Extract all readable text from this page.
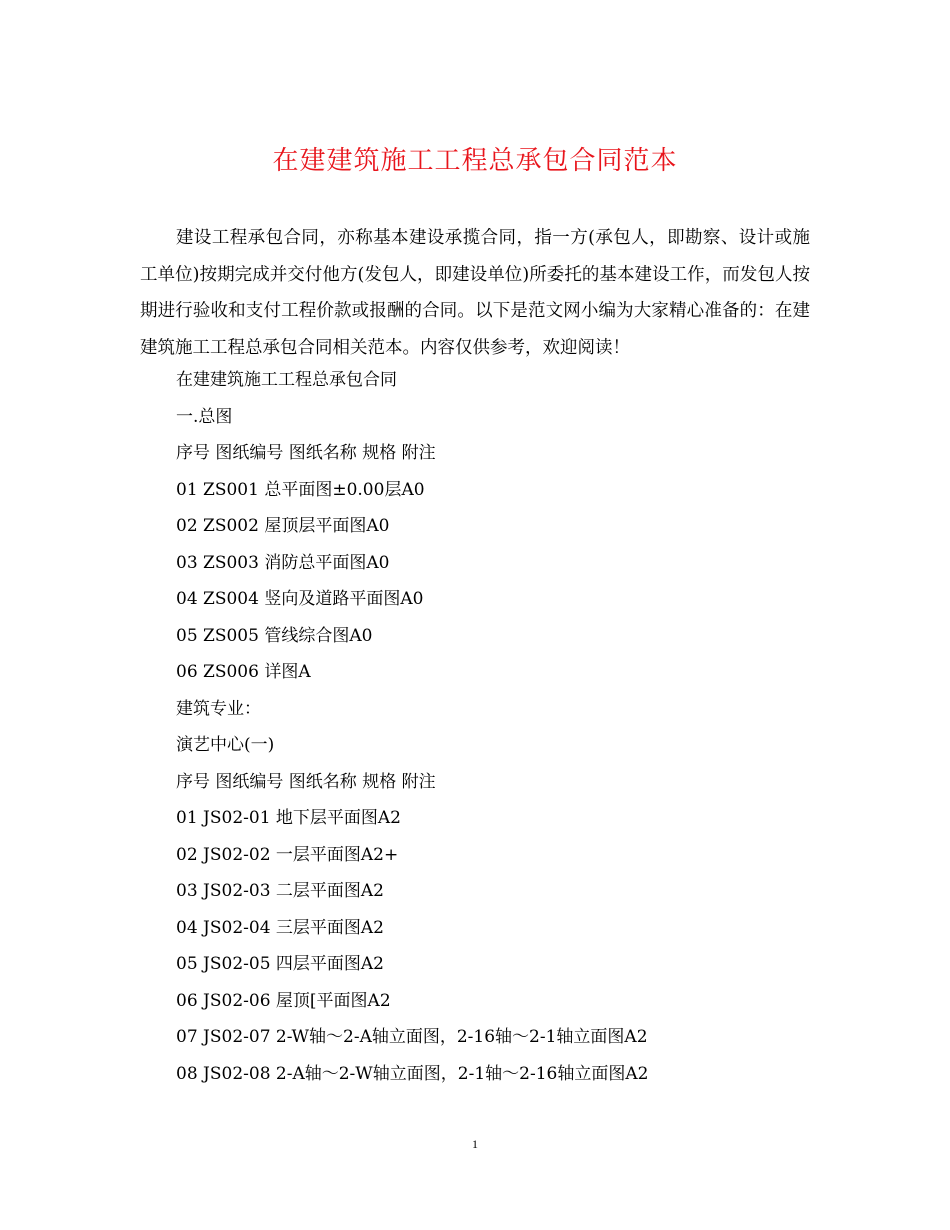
在建建筑施工工程总承包合同范本
建设工程承包合同，亦称基本建设承揽合同，指一方(承包人，即勘察、设计或施工单位)按期完成并交付他方(发包人，即建设单位)所委托的基本建设工作，而发包人按期进行验收和支付工程价款或报酬的合同。以下是范文网小编为大家精心准备的：在建建筑施工工程总承包合同相关范本。内容仅供参考，欢迎阅读！
在建建筑施工工程总承包合同
一.总图
序号 图纸编号 图纸名称 规格 附注
01 ZS001 总平面图±0.00层A0
02 ZS002 屋顶层平面图A0
03 ZS003 消防总平面图A0
04 ZS004 竖向及道路平面图A0
05 ZS005 管线综合图A0
06 ZS006 详图A
建筑专业：
演艺中心(一)
序号 图纸编号 图纸名称 规格 附注
01 JS02-01 地下层平面图A2
02 JS02-02 一层平面图A2+
03 JS02-03 二层平面图A2
04 JS02-04 三层平面图A2
05 JS02-05 四层平面图A2
06 JS02-06 屋顶[平面图A2
07 JS02-07 2-W轴～2-A轴立面图，2-16轴～2-1轴立面图A2
08 JS02-08 2-A轴～2-W轴立面图，2-1轴～2-16轴立面图A2
1
